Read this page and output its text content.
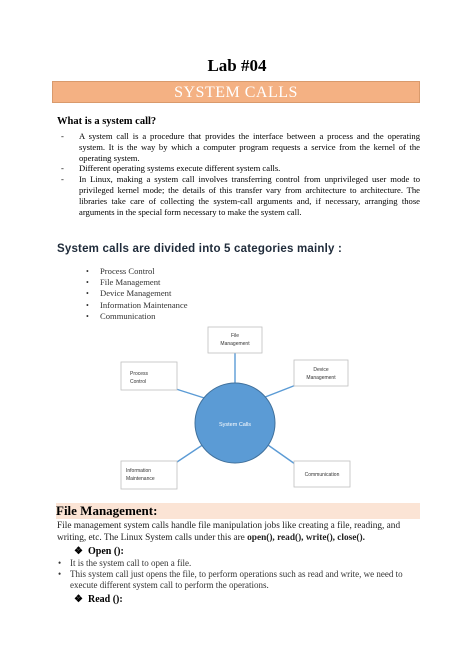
Lab #04
SYSTEM CALLS
What is a system call?

- A system call is a procedure that provides the interface between a process and the operating system. It is the way by which a computer program requests a service from the kernel of the operating system.

- Different operating systems execute different system calls.

- In Linux, making a system call involves transferring control from unprivileged user mode to privileged kernel mode; the details of this transfer vary from architecture to architecture. The libraries take care of collecting the system-call arguments and, if necessary, arranging those arguments in the special form necessary to make the system call.

System calls are divided into 5 categories mainly :

• Process Control

• File Management

• Device Management

• Information Maintenance

• Communication

System Calls
File
Management
Process
Control
Device
Management
Information
Maintenance
Communication
File Management:
File management system calls handle file manipulation jobs like creating a file, reading, and writing, etc. The Linux System calls under this are open(), read(), write(), close().
❖ Open ():

• It is the system call to open a file.

• This system call just opens the file, to perform operations such as read and write, we need to execute different system call to perform the operations.

❖ Read ():
